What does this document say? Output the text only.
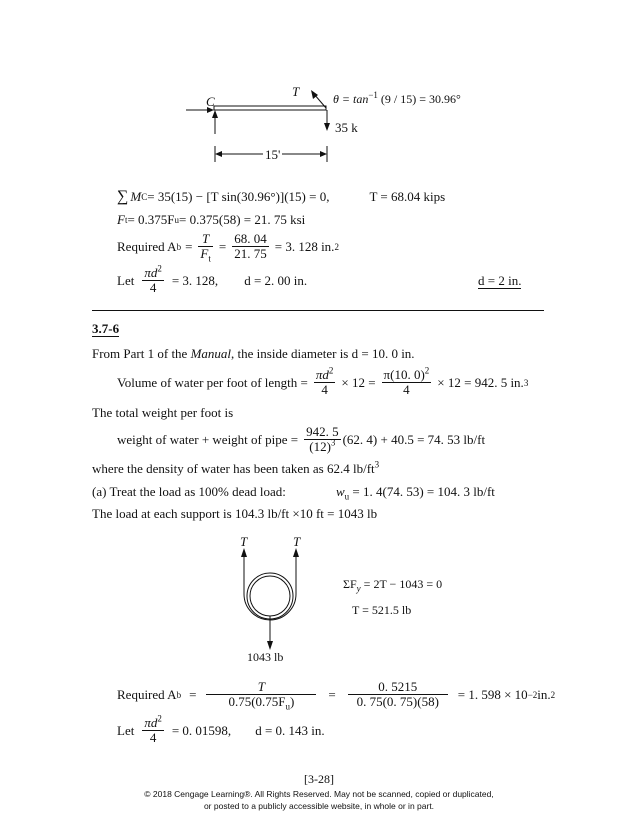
C
T	$\theta = \tan^{-1} (9 / 15) = 30.96^\circ$
35 k
15'
∑ M C = 35(15) − [T sin(30.96°)](15) = 0,	T = 68.04 kips
F t = 0.375F u = 0.375(58) = 21. 75 ksi
Required A $b = \frac{T}{F_t} = \frac{68. 04}{21. 75} = 3$. 128 in. 2
Let $\frac{\pi d^2}{4} = 3$. 128, d = 2. 00 in.	d = 2 in.
3.7-6
From Part 1 of the Manual, the inside diameter is d = 10. 0 in.
Volume of water per foot of length = $\frac{\pi d^2}{4} \times 12 = \frac{\pi(10. 0)^2}{4} \times 12 = 942$. 5 in. 3
The total weight per foot is
weight of water + weight of pipe = $\frac{942. 5}{(12)^3} (62$. 4) + 40.5 = 74. 53 lb/ft
where the density of water has been taken as 62.4 $lb/ft^3$
(a) Treat the load as 100% dead load:	$w_u = 1$. 4(74. 53) = 104. 3 lb/ft
The load at each support is 104.3 lb/ft ×10 ft = 1043 lb
T	T
$\Sigma F_y = 2T - 1043 = 0$
T = 521.5 lb
1043 lb
Required A $b = \frac{T}{0.75(0.75F_u)} = \frac{0. 5215}{0. 75(0. 75)(58)} = 1$. 598 × 10 −2 in. 2
Let $\frac{\pi d^2}{4} = 0$. 01598, d = 0. 143 in.
[3-28]
© 2018 Cengage Learning®. All Rights Reserved. May not be scanned, copied or duplicated,
or posted to a publicly accessible website, in whole or in part.
